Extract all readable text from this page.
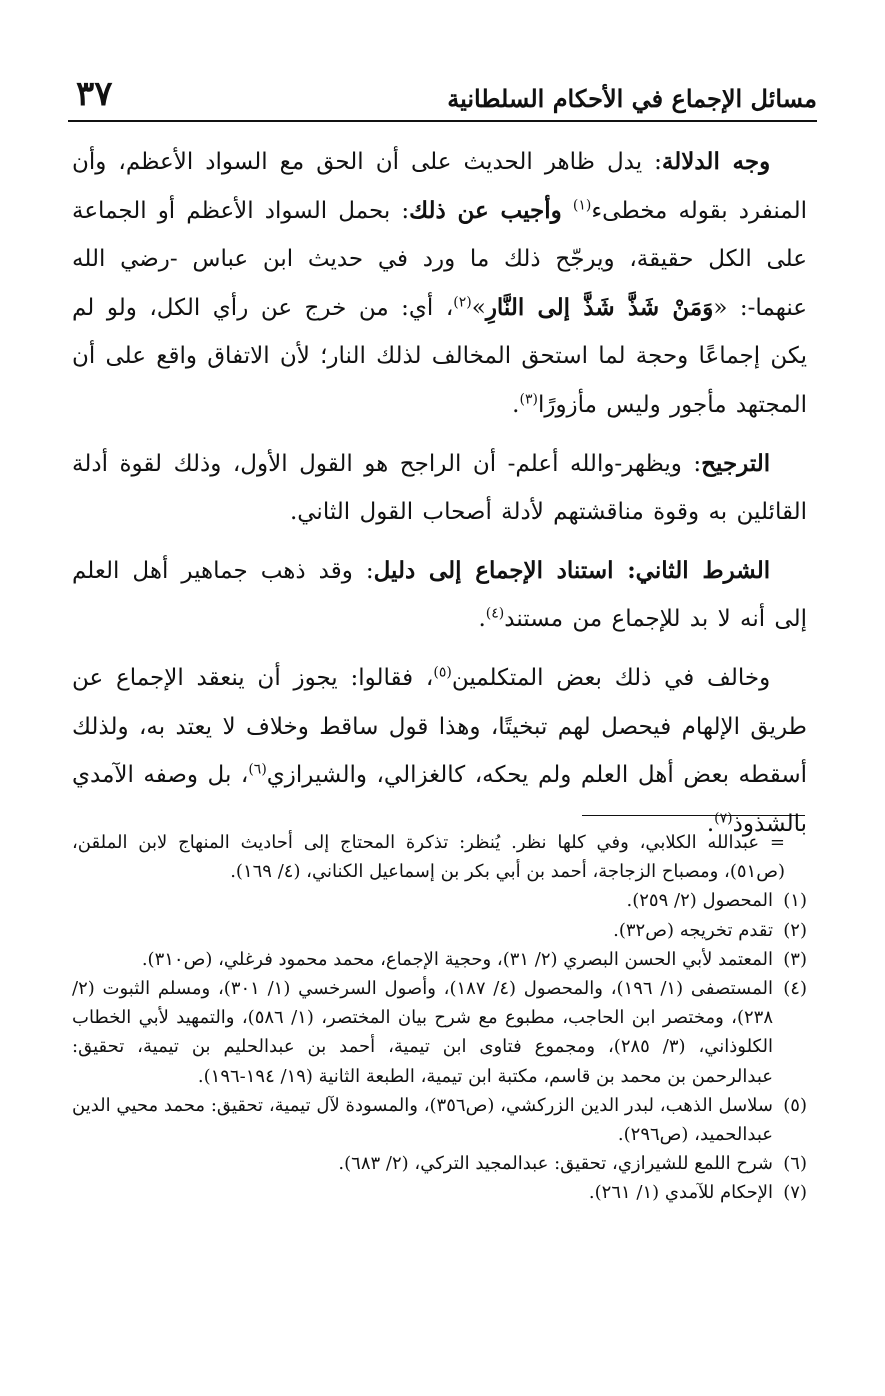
مسائل الإجماع في الأحكام السلطانية
٣٧

وجه الدلالة: يدل ظاهر الحديث على أن الحق مع السواد الأعظم، وأن المنفرد بقوله مخطىء$^{(١)}$ وأجيب عن ذلك: بحمل السواد الأعظم أو الجماعة على الكل حقيقة، ويرجّح ذلك ما ورد في حديث ابن عباس -رضي الله عنهما-: «وَمَنْ شَذَّ شَذَّ إلى النَّارِ»$^{(٢)}$، أي: من خرج عن رأي الكل، ولو لم يكن إجماعًا وحجة لما استحق المخالف لذلك النار؛ لأن الاتفاق واقع على أن المجتهد مأجور وليس مأزورًا$^{(٣)}$.

الترجيح: ويظهر-والله أعلم- أن الراجح هو القول الأول، وذلك لقوة أدلة القائلين به وقوة مناقشتهم لأدلة أصحاب القول الثاني.

الشرط الثاني: استناد الإجماع إلى دليل: وقد ذهب جماهير أهل العلم إلى أنه لا بد للإجماع من مستند$^{(٤)}$.

وخالف في ذلك بعض المتكلمين$^{(٥)}$، فقالوا: يجوز أن ينعقد الإجماع عن طريق الإلهام فيحصل لهم تبخيتًا، وهذا قول ساقط وخلاف لا يعتد به، ولذلك أسقطه بعض أهل العلم ولم يحكه، كالغزالي، والشيرازي$^{(٦)}$، بل وصفه الآمدي بالشذوذ$^{(٧)}$.

= عبدالله الكلابي، وفي كلها نظر. يُنظر: تذكرة المحتاج إلى أحاديث المنهاج لابن الملقن، (ص٥١)، ومصباح الزجاجة، أحمد بن أبي بكر بن إسماعيل الكناني، (٤/ ١٦٩).

(١)
المحصول (٢/ ٢٥٩).
(٢)
تقدم تخريجه (ص٣٢).
(٣)
المعتمد لأبي الحسن البصري (٢/ ٣١)، وحجية الإجماع، محمد محمود فرغلي، (ص٣١٠).
(٤)
المستصفى (١/ ١٩٦)، والمحصول (٤/ ١٨٧)، وأصول السرخسي (١/ ٣٠١)، ومسلم الثبوت (٢/ ٢٣٨)، ومختصر ابن الحاجب، مطبوع مع شرح بيان المختصر، (١/ ٥٨٦)، والتمهيد لأبي الخطاب الكلوذاني، (٣/ ٢٨٥)، ومجموع فتاوى ابن تيمية، أحمد بن عبدالحليم بن تيمية، تحقيق: عبدالرحمن بن محمد بن قاسم، مكتبة ابن تيمية، الطبعة الثانية (١٩/ ١٩٤-١٩٦).
(٥)
سلاسل الذهب، لبدر الدين الزركشي، (ص٣٥٦)، والمسودة لآل تيمية، تحقيق: محمد محيي الدين عبدالحميد، (ص٢٩٦).
(٦)
شرح اللمع للشيرازي، تحقيق: عبدالمجيد التركي، (٢/ ٦٨٣).
(٧)
الإحكام للآمدي (١/ ٢٦١).
